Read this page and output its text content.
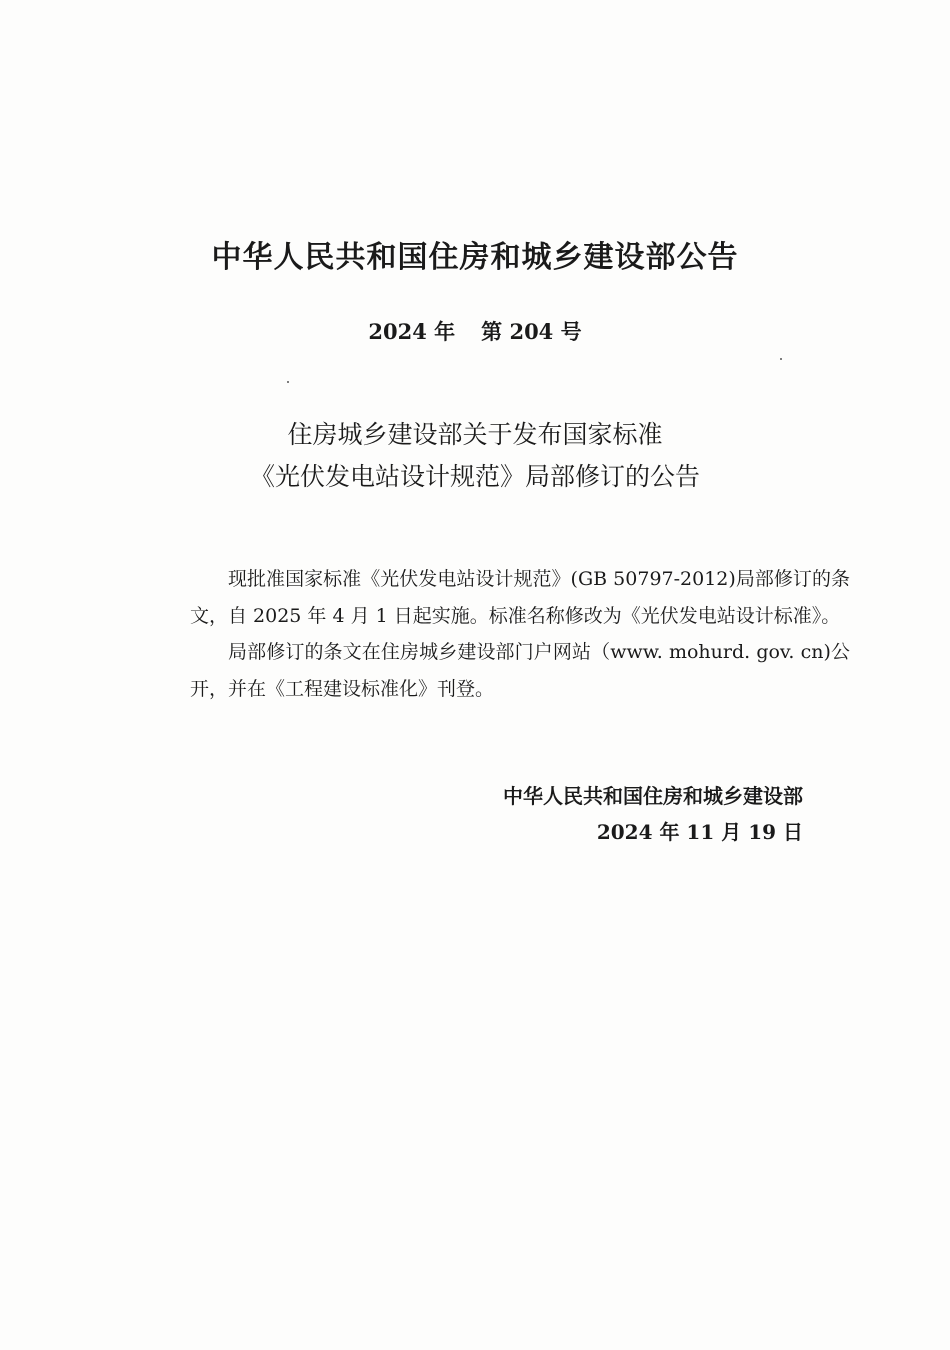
中华人民共和国住房和城乡建设部公告
2024 年 第 204 号
住房城乡建设部关于发布国家标准
《光伏发电站设计规范》局部修订的公告

现批准国家标准《光伏发电站设计规范》(GB 50797-2012)局部修订的条文，自 2025 年 4 月 1 日起实施。标准名称修改为《光伏发电站设计标准》。

局部修订的条文在住房城乡建设部门户网站（www. mohurd. gov. cn)公开，并在《工程建设标准化》刊登。

中华人民共和国住房和城乡建设部
2024 年 11 月 19 日
